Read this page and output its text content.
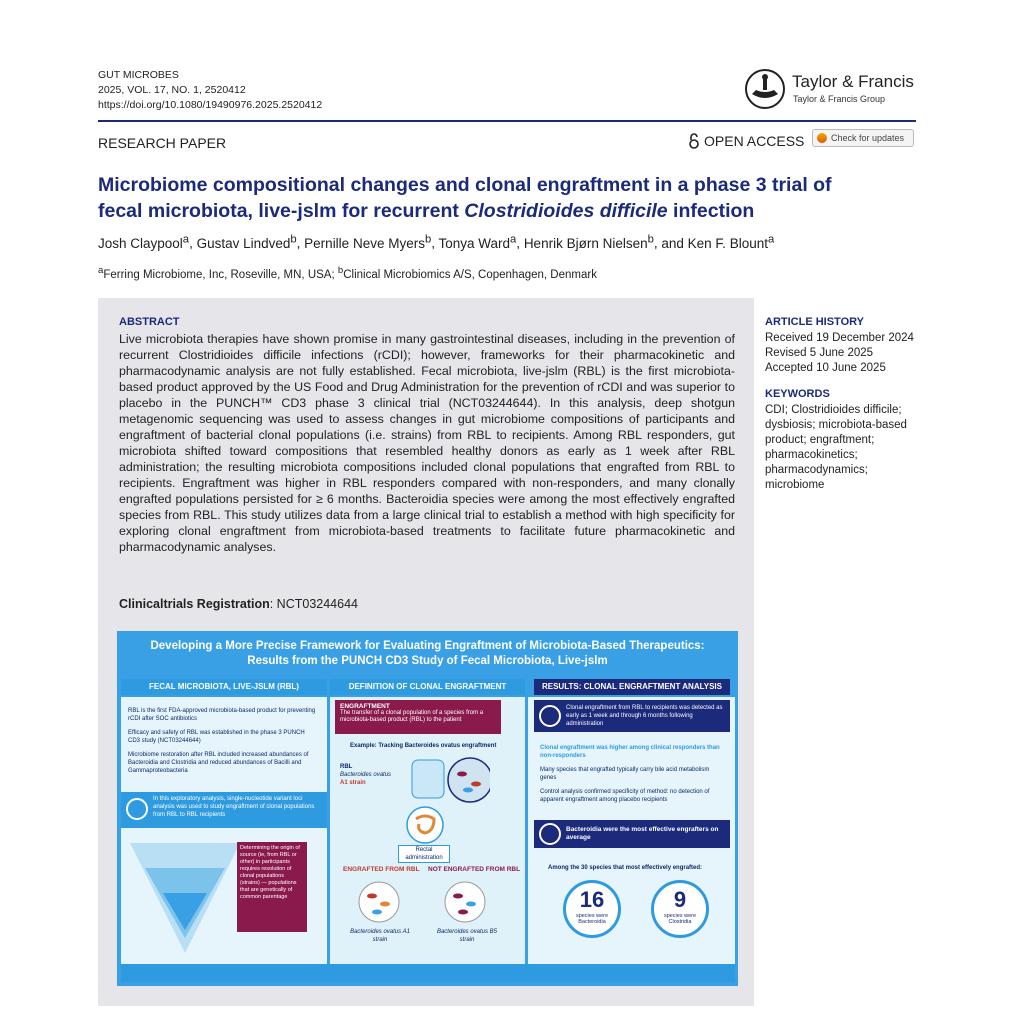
GUT MICROBES
2025, VOL. 17, NO. 1, 2520412
https://doi.org/10.1080/19490976.2025.2520412
Taylor & Francis
Taylor & Francis Group
RESEARCH PAPER	OPEN ACCESS	Check for updates
Microbiome compositional changes and clonal engraftment in a phase 3 trial of
fecal microbiota, live-jslm for recurrent Clostridioides difficile infection
Josh Claypool$^a$, Gustav Lindved$^b$, Pernille Neve Myers$^b$, Tonya Ward$^a$, Henrik Bjørn Nielsen$^b$, and Ken F. Blount$^a$
$^a$Ferring Microbiome, Inc, Roseville, MN, USA; $^b$Clinical Microbiomics A/S, Copenhagen, Denmark
ABSTRACT
Live microbiota therapies have shown promise in many gastrointestinal diseases, including in the prevention of recurrent Clostridioides difficile infections (rCDI); however, frameworks for their pharmacokinetic and pharmacodynamic analysis are not fully established. Fecal microbiota, live-jslm (RBL) is the first microbiota-based product approved by the US Food and Drug Administration for the prevention of rCDI and was superior to placebo in the PUNCH™ CD3 phase 3 clinical trial (NCT03244644). In this analysis, deep shotgun metagenomic sequencing was used to assess changes in gut microbiome compositions of participants and engraftment of bacterial clonal populations (i.e. strains) from RBL to recipients. Among RBL responders, gut microbiota shifted toward compositions that resembled healthy donors as early as 1 week after RBL administration; the resulting microbiota compositions included clonal populations that engrafted from RBL to recipients. Engraftment was higher in RBL responders compared with non-responders, and many clonally engrafted populations persisted for ≥ 6 months. Bacteroidia species were among the most effectively engrafted species from RBL. This study utilizes data from a large clinical trial to establish a method with high specificity for exploring clonal engraftment from microbiota-based treatments to facilitate future pharmacokinetic and pharmacodynamic analyses.
Clinicaltrials Registration: NCT03244644
ARTICLE HISTORY
Received 19 December 2024
Revised 5 June 2025
Accepted 10 June 2025
KEYWORDS
CDI; Clostridioides difficile;
dysbiosis; microbiota-based
product; engraftment;
pharmacokinetics;
pharmacodynamics;
microbiome
Developing a More Precise Framework for Evaluating Engraftment of Microbiota-Based Therapeutics:
Results from the PUNCH CD3 Study of Fecal Microbiota, Live-jslm
FECAL MICROBIOTA, LIVE-JSLM (RBL)
RBL is the first FDA-approved microbiota-based product for preventing rCDI after SOC antibiotics
Efficacy and safety of RBL was established in the phase 3 PUNCH CD3 study (NCT03244644)
Microbiome restoration after RBL included increased abundances of Bacteroidia and Clostridia and reduced abundances of Bacilli and Gammaproteobacteria
In this exploratory analysis, single-nucleotide variant loci analysis was used to study engraftment of clonal populations from RBL to RBL recipients
Determining the origin of source (ie, from RBL or other) in participants requires resolution of clonal populations (strains) — populations that are genetically of common parentage
DEFINITION OF CLONAL ENGRAFTMENT
ENGRAFTMENT
The transfer of a clonal population of a species from a microbiota-based product (RBL) to the patient
Example: Tracking Bacteroides ovatus engraftment
RBL
Bacteroides ovatus
A1 strain
Rectal administration
ENGRAFTED FROM RBL NOT ENGRAFTED FROM RBL
Bacteroides ovatus A1 strain
Bacteroides ovatus B5 strain
RESULTS: CLONAL ENGRAFTMENT ANALYSIS
Clonal engraftment from RBL to recipients was detected as early as 1 week and through 6 months following administration
Clonal engraftment was higher among clinical responders than non-responders
Many species that engrafted typically carry bile acid metabolism genes
Control analysis confirmed specificity of method: no detection of apparent engraftment among placebo recipients
Bacteroidia were the most effective engrafters on average
Among the 30 species that most effectively engrafted:
16
species were Bacteroidia
9
species were Clostridia
